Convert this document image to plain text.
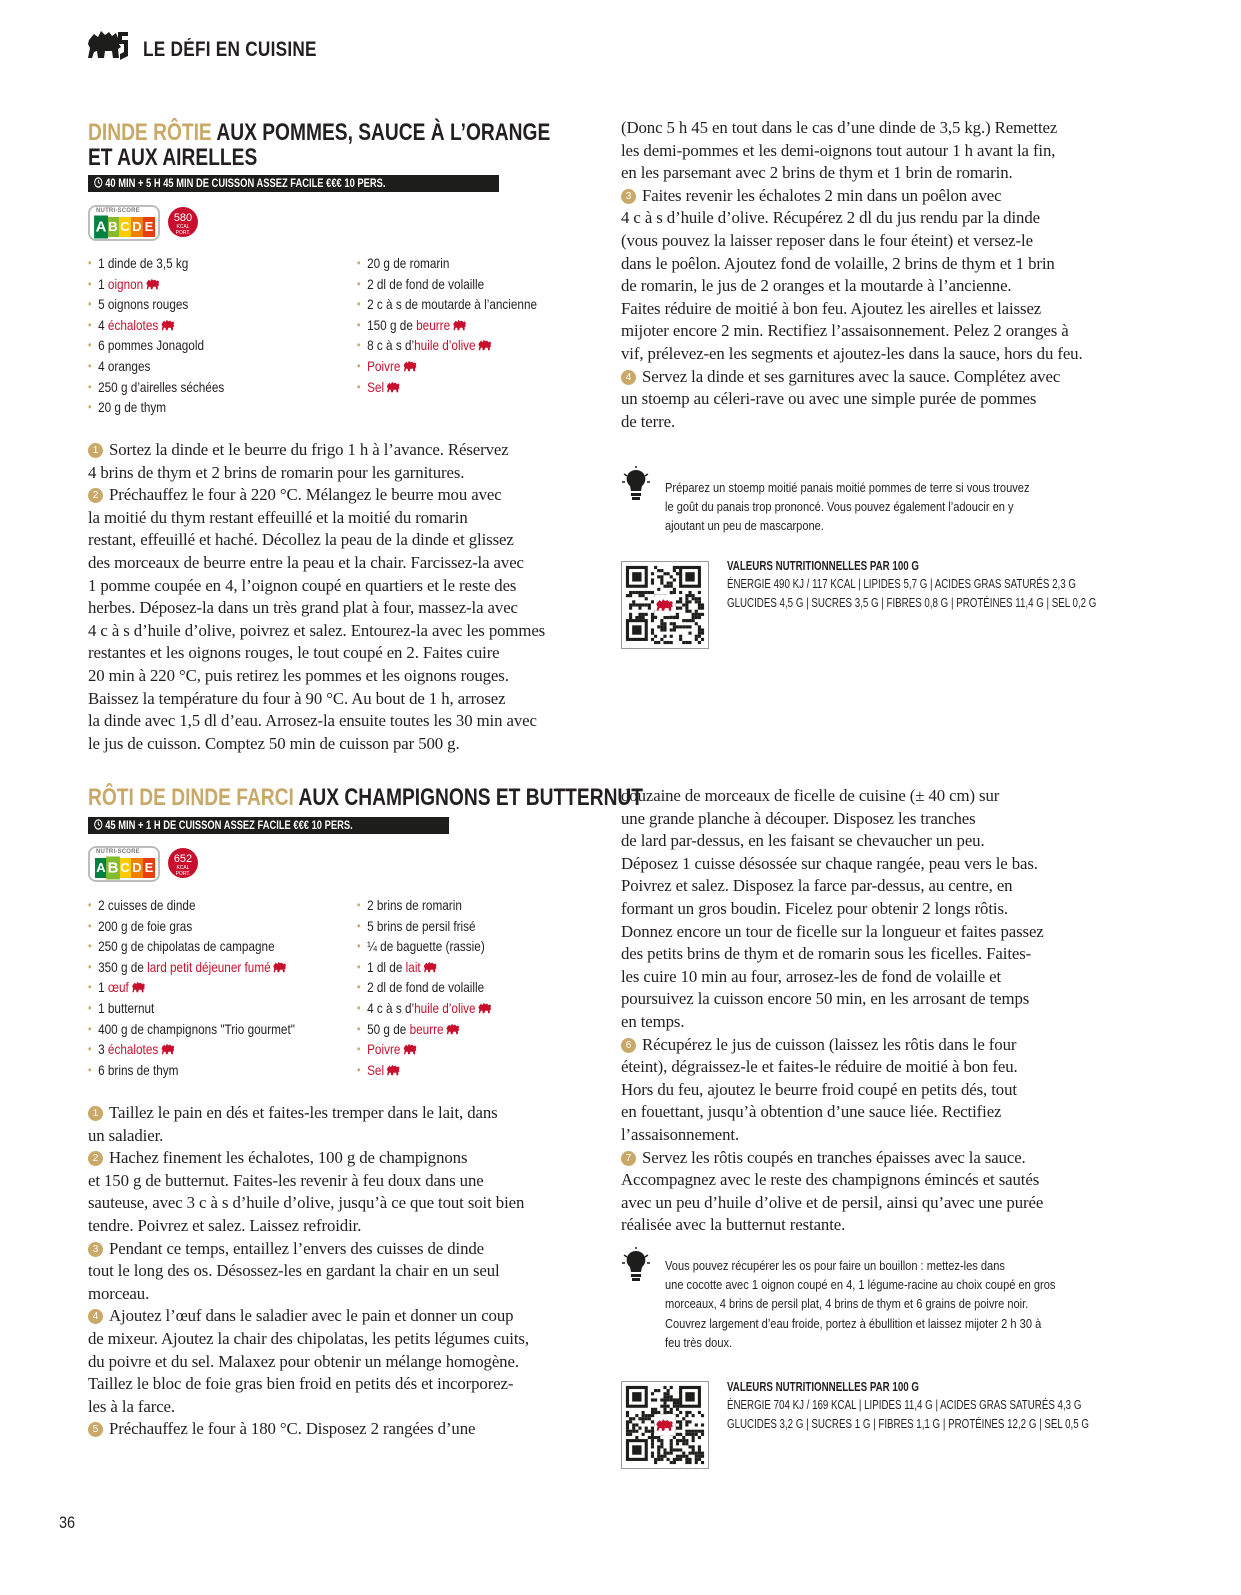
LE DÉFI EN CUISINE
DINDE RÔTIE AUX POMMES, SAUCE À L’ORANGE
ET AUX AIRELLES
40 MIN + 5 H 45 MIN DE CUISSON ASSEZ FACILE €€€ 10 PERS.
NUTRI-SCORE
A B C D E
580
KCAL
PORT.
• 1 dinde de 3,5 kg
• 1 oignon
• 5 oignons rouges
• 4 échalotes
• 6 pommes Jonagold
• 4 oranges
• 250 g d’airelles séchées
• 20 g de thym
• 20 g de romarin
• 2 dl de fond de volaille
• 2 c à s de moutarde à l’ancienne
• 150 g de beurre
• 8 c à s d’huile d’olive
• Poivre
• Sel
1 Sortez la dinde et le beurre du frigo 1 h à l’avance. Réservez
4 brins de thym et 2 brins de romarin pour les garnitures.
2 Préchauffez le four à 220 °C. Mélangez le beurre mou avec
la moitié du thym restant effeuillé et la moitié du romarin
restant, effeuillé et haché. Décollez la peau de la dinde et glissez
des morceaux de beurre entre la peau et la chair. Farcissez-la avec
1 pomme coupée en 4, l’oignon coupé en quartiers et le reste des
herbes. Déposez-la dans un très grand plat à four, massez-la avec
4 c à s d’huile d’olive, poivrez et salez. Entourez-la avec les pommes
restantes et les oignons rouges, le tout coupé en 2. Faites cuire
20 min à 220 °C, puis retirez les pommes et les oignons rouges.
Baissez la température du four à 90 °C. Au bout de 1 h, arrosez
la dinde avec 1,5 dl d’eau. Arrosez-la ensuite toutes les 30 min avec
le jus de cuisson. Comptez 50 min de cuisson par 500 g.
(Donc 5 h 45 en tout dans le cas d’une dinde de 3,5 kg.) Remettez
les demi-pommes et les demi-oignons tout autour 1 h avant la fin,
en les parsemant avec 2 brins de thym et 1 brin de romarin.
3 Faites revenir les échalotes 2 min dans un poêlon avec
4 c à s d’huile d’olive. Récupérez 2 dl du jus rendu par la dinde
(vous pouvez la laisser reposer dans le four éteint) et versez-le
dans le poêlon. Ajoutez fond de volaille, 2 brins de thym et 1 brin
de romarin, le jus de 2 oranges et la moutarde à l’ancienne.
Faites réduire de moitié à bon feu. Ajoutez les airelles et laissez
mijoter encore 2 min. Rectifiez l’assaisonnement. Pelez 2 oranges à
vif, prélevez-en les segments et ajoutez-les dans la sauce, hors du feu.
4 Servez la dinde et ses garnitures avec la sauce. Complétez avec
un stoemp au céleri-rave ou avec une simple purée de pommes
de terre.
Préparez un stoemp moitié panais moitié pommes de terre si vous trouvez
le goût du panais trop prononcé. Vous pouvez également l’adoucir en y
ajoutant un peu de mascarpone.
VALEURS NUTRITIONNELLES PAR 100 G
ÉNERGIE 490 KJ / 117 KCAL | LIPIDES 5,7 G | ACIDES GRAS SATURÉS 2,3 G
GLUCIDES 4,5 G | SUCRES 3,5 G | FIBRES 0,8 G | PROTÉINES 11,4 G | SEL 0,2 G
RÔTI DE DINDE FARCI AUX CHAMPIGNONS ET BUTTERNUT
45 MIN + 1 H DE CUISSON ASSEZ FACILE €€€ 10 PERS.
NUTRI-SCORE
A B C D E
652
KCAL
PORT.
• 2 cuisses de dinde
• 200 g de foie gras
• 250 g de chipolatas de campagne
• 350 g de lard petit déjeuner fumé
• 1 œuf
• 1 butternut
• 400 g de champignons "Trio gourmet"
• 3 échalotes
• 6 brins de thym
• 2 brins de romarin
• 5 brins de persil frisé
• ¼ de baguette (rassie)
• 1 dl de lait
• 2 dl de fond de volaille
• 4 c à s d’huile d’olive
• 50 g de beurre
• Poivre
• Sel
1 Taillez le pain en dés et faites-les tremper dans le lait, dans
un saladier.
2 Hachez finement les échalotes, 100 g de champignons
et 150 g de butternut. Faites-les revenir à feu doux dans une
sauteuse, avec 3 c à s d’huile d’olive, jusqu’à ce que tout soit bien
tendre. Poivrez et salez. Laissez refroidir.
3 Pendant ce temps, entaillez l’envers des cuisses de dinde
tout le long des os. Désossez-les en gardant la chair en un seul
morceau.
4 Ajoutez l’œuf dans le saladier avec le pain et donner un coup
de mixeur. Ajoutez la chair des chipolatas, les petits légumes cuits,
du poivre et du sel. Malaxez pour obtenir un mélange homogène.
Taillez le bloc de foie gras bien froid en petits dés et incorporez-
les à la farce.
5 Préchauffez le four à 180 °C. Disposez 2 rangées d’une
douzaine de morceaux de ficelle de cuisine (± 40 cm) sur
une grande planche à découper. Disposez les tranches
de lard par-dessus, en les faisant se chevaucher un peu.
Déposez 1 cuisse désossée sur chaque rangée, peau vers le bas.
Poivrez et salez. Disposez la farce par-dessus, au centre, en
formant un gros boudin. Ficelez pour obtenir 2 longs rôtis.
Donnez encore un tour de ficelle sur la longueur et faites passez
des petits brins de thym et de romarin sous les ficelles. Faites-
les cuire 10 min au four, arrosez-les de fond de volaille et
poursuivez la cuisson encore 50 min, en les arrosant de temps
en temps.
6 Récupérez le jus de cuisson (laissez les rôtis dans le four
éteint), dégraissez-le et faites-le réduire de moitié à bon feu.
Hors du feu, ajoutez le beurre froid coupé en petits dés, tout
en fouettant, jusqu’à obtention d’une sauce liée. Rectifiez
l’assaisonnement.
7 Servez les rôtis coupés en tranches épaisses avec la sauce.
Accompagnez avec le reste des champignons émincés et sautés
avec un peu d’huile d’olive et de persil, ainsi qu’avec une purée
réalisée avec la butternut restante.
Vous pouvez récupérer les os pour faire un bouillon : mettez-les dans
une cocotte avec 1 oignon coupé en 4, 1 légume-racine au choix coupé en gros
morceaux, 4 brins de persil plat, 4 brins de thym et 6 grains de poivre noir.
Couvrez largement d’eau froide, portez à ébullition et laissez mijoter 2 h 30 à
feu très doux.
VALEURS NUTRITIONNELLES PAR 100 G
ÉNERGIE 704 KJ / 169 KCAL | LIPIDES 11,4 G | ACIDES GRAS SATURÉS 4,3 G
GLUCIDES 3,2 G | SUCRES 1 G | FIBRES 1,1 G | PROTÉINES 12,2 G | SEL 0,5 G
36
